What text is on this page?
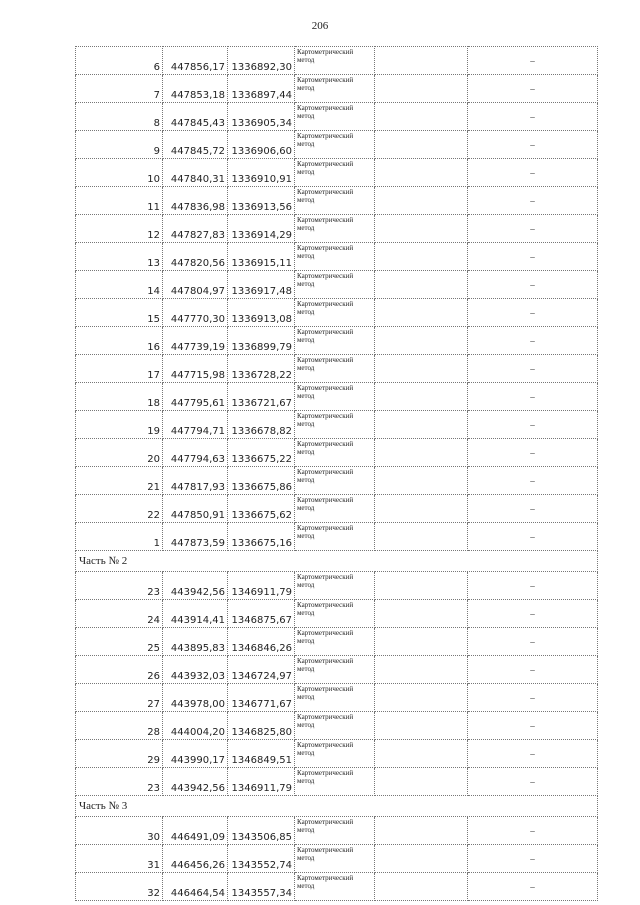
206
6	447856,17	1336892,30	Картометрический метод		–
7	447853,18	1336897,44	Картометрический метод		–
8	447845,43	1336905,34	Картометрический метод		–
9	447845,72	1336906,60	Картометрический метод		–
10	447840,31	1336910,91	Картометрический метод		–
11	447836,98	1336913,56	Картометрический метод		–
12	447827,83	1336914,29	Картометрический метод		–
13	447820,56	1336915,11	Картометрический метод		–
14	447804,97	1336917,48	Картометрический метод		–
15	447770,30	1336913,08	Картометрический метод		–
16	447739,19	1336899,79	Картометрический метод		–
17	447715,98	1336728,22	Картометрический метод		–
18	447795,61	1336721,67	Картометрический метод		–
19	447794,71	1336678,82	Картометрический метод		–
20	447794,63	1336675,22	Картометрический метод		–
21	447817,93	1336675,86	Картометрический метод		–
22	447850,91	1336675,62	Картометрический метод		–
1	447873,59	1336675,16	Картометрический метод		–
Часть № 2					
23	443942,56	1346911,79	Картометрический метод		–
24	443914,41	1346875,67	Картометрический метод		–
25	443895,83	1346846,26	Картометрический метод		–
26	443932,03	1346724,97	Картометрический метод		–
27	443978,00	1346771,67	Картометрический метод		–
28	444004,20	1346825,80	Картометрический метод		–
29	443990,17	1346849,51	Картометрический метод		–
23	443942,56	1346911,79	Картометрический метод		–
Часть № 3					
30	446491,09	1343506,85	Картометрический метод		–
31	446456,26	1343552,74	Картометрический метод		–
32	446464,54	1343557,34	Картометрический метод		–
